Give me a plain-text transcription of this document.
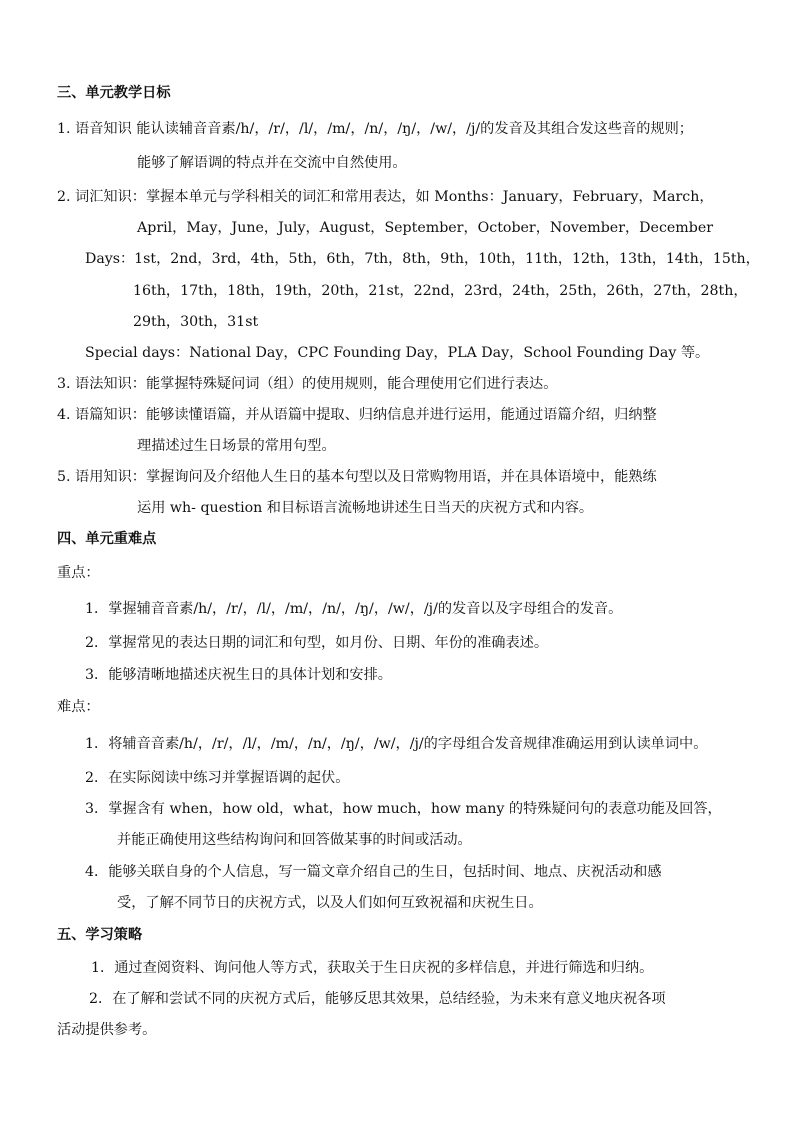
三、单元教学日标
1. 语音知识 能认读辅音音素/h/，/r/，/l/，/m/，/n/，/ŋ/，/w/，/j/的发音及其组合发这些音的规则；
能够了解语调的特点并在交流中自然使用。
2. 词汇知识：掌握本单元与学科相关的词汇和常用表达，如 Months：January，February，March，
April，May，June，July，August，September，October，November，December
Days：1st，2nd，3rd，4th，5th，6th，7th，8th，9th，10th，11th，12th，13th，14th，15th，
16th，17th，18th，19th，20th，21st，22nd，23rd，24th，25th，26th，27th，28th，
29th，30th，31st
Special days：National Day，CPC Founding Day，PLA Day，School Founding Day 等。
3. 语法知识：能掌握特殊疑问词（组）的使用规则，能合理使用它们进行表达。
4. 语篇知识：能够读懂语篇，并从语篇中提取、归纳信息并进行运用，能通过语篇介绍，归纳整
理描述过生日场景的常用句型。
5. 语用知识：掌握询问及介绍他人生日的基本句型以及日常购物用语，并在具体语境中，能熟练
运用 wh- question 和目标语言流畅地讲述生日当天的庆祝方式和内容。
四、单元重难点
重点：
1．掌握辅音音素/h/，/r/，/l/，/m/，/n/，/ŋ/，/w/，/j/的发音以及字母组合的发音。
2．掌握常见的表达日期的词汇和句型，如月份、日期、年份的准确表述。
3．能够清晰地描述庆祝生日的具体计划和安排。
难点：
1．将辅音音素/h/，/r/，/l/，/m/，/n/，/ŋ/，/w/，/j/的字母组合发音规律准确运用到认读单词中。
2．在实际阅读中练习并掌握语调的起伏。
3．掌握含有 when，how old，what，how much，how many 的特殊疑问句的表意功能及回答，
并能正确使用这些结构询问和回答做某事的时间或活动。
4．能够关联自身的个人信息，写一篇文章介绍自己的生日，包括时间、地点、庆祝活动和感
受，了解不同节日的庆祝方式，以及人们如何互致祝福和庆祝生日。
五、学习策略
1．通过查阅资料、询问他人等方式，获取关于生日庆祝的多样信息，并进行筛选和归纳。
2．在了解和尝试不同的庆祝方式后，能够反思其效果，总结经验，为未来有意义地庆祝各项
活动提供参考。
